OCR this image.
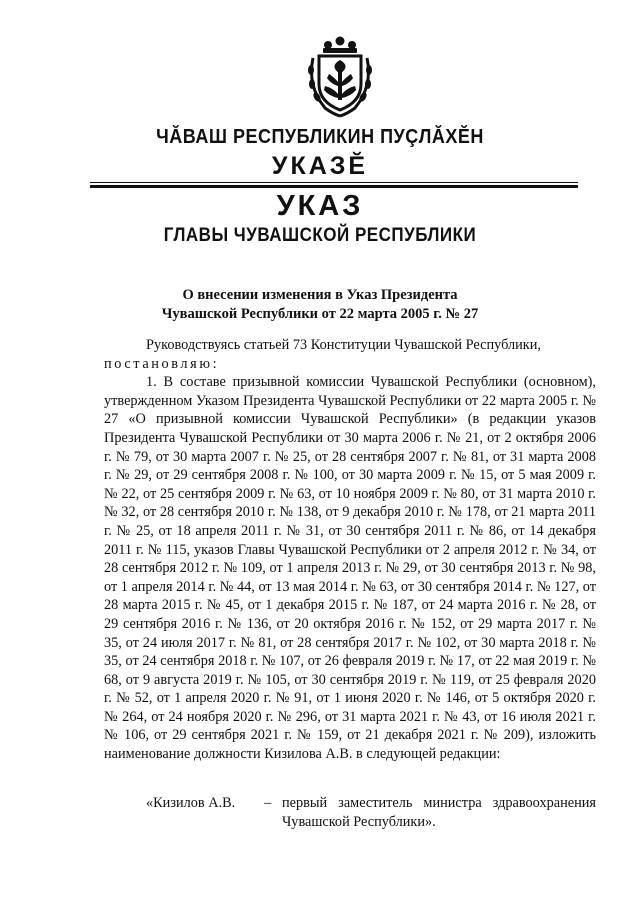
ЧĂВАШ РЕСПУБЛИКИН ПУÇЛĂХĔН
УКАЗĔ
УКАЗ
ГЛАВЫ ЧУВАШСКОЙ РЕСПУБЛИКИ
О внесении изменения в Указ Президента
Чувашской Республики от 22 марта 2005 г. № 27

Руководствуясь статьей 73 Конституции Чувашской Республики,

постановляю:

1. В составе призывной комиссии Чувашской Республики (основном), утвержденном Указом Президента Чувашской Республики от 22 марта 2005 г. № 27 «О призывной комиссии Чувашской Республики» (в редакции указов Президента Чувашской Республики от 30 марта 2006 г. № 21, от 2 октября 2006 г. № 79, от 30 марта 2007 г. № 25, от 28 сентября 2007 г. № 81, от 31 марта 2008 г. № 29, от 29 сентября 2008 г. № 100, от 30 марта 2009 г. № 15, от 5 мая 2009 г. № 22, от 25 сентября 2009 г. № 63, от 10 ноября 2009 г. № 80, от 31 марта 2010 г. № 32, от 28 сентября 2010 г. № 138, от 9 декабря 2010 г. № 178, от 21 марта 2011 г. № 25, от 18 апреля 2011 г. № 31, от 30 сентября 2011 г. № 86, от 14 декабря 2011 г. № 115, указов Главы Чувашской Республики от 2 апреля 2012 г. № 34, от 28 сентября 2012 г. № 109, от 1 апреля 2013 г. № 29, от 30 сентября 2013 г. № 98, от 1 апреля 2014 г. № 44, от 13 мая 2014 г. № 63, от 30 сентября 2014 г. № 127, от 28 марта 2015 г. № 45, от 1 декабря 2015 г. № 187, от 24 марта 2016 г. № 28, от 29 сентября 2016 г. № 136, от 20 октября 2016 г. № 152, от 29 марта 2017 г. № 35, от 24 июля 2017 г. № 81, от 28 сентября 2017 г. № 102, от 30 марта 2018 г. № 35, от 24 сентября 2018 г. № 107, от 26 февраля 2019 г. № 17, от 22 мая 2019 г. № 68, от 9 августа 2019 г. № 105, от 30 сентября 2019 г. № 119, от 25 февраля 2020 г. № 52, от 1 апреля 2020 г. № 91, от 1 июня 2020 г. № 146, от 5 октября 2020 г. № 264, от 24 ноября 2020 г. № 296, от 31 марта 2021 г. № 43, от 16 июля 2021 г. № 106, от 29 сентября 2021 г. № 159, от 21 декабря 2021 г. № 209), изложить наименование должности Кизилова А.В. в следующей редакции:

«Кизилов А.В. – первый заместитель министра здравоохранения Чувашской Республики».
